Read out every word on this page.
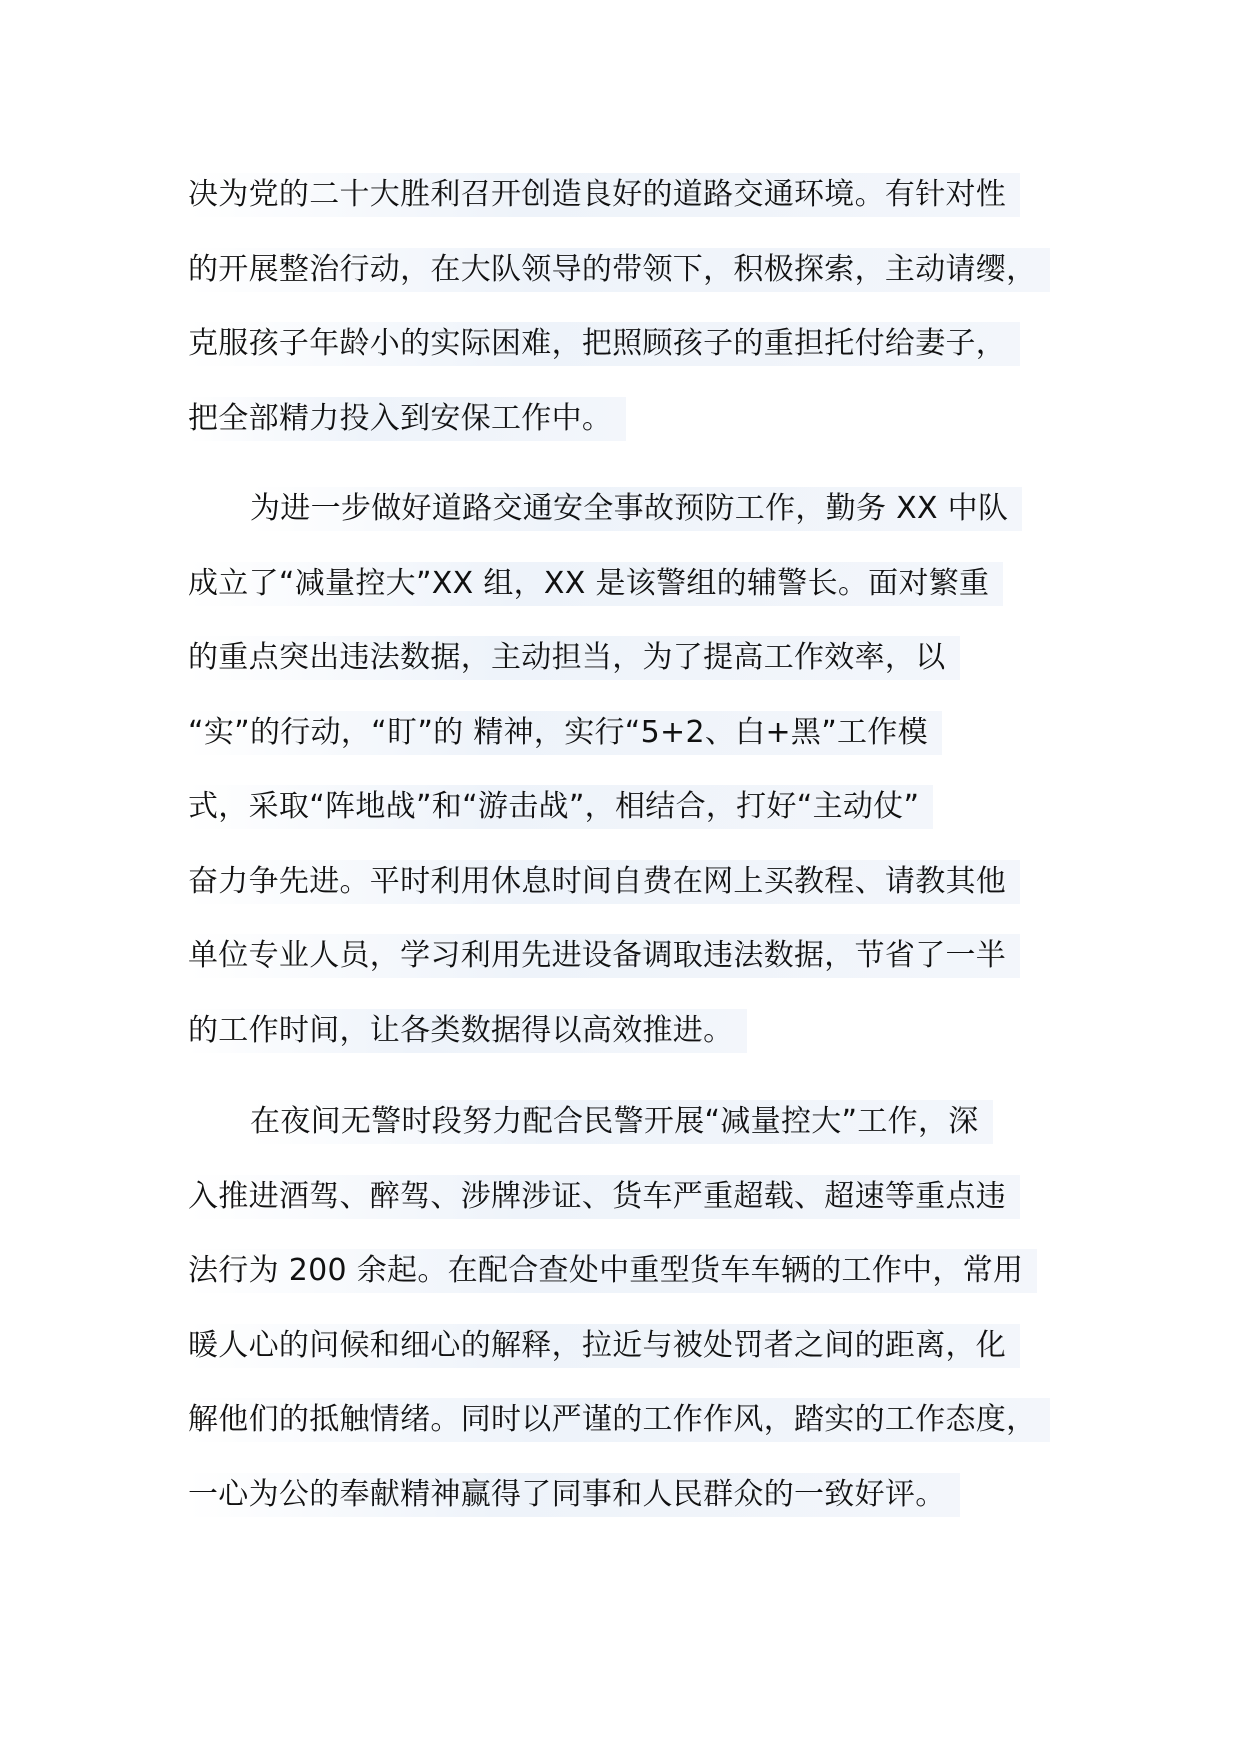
决为党的二十大胜利召开创造良好的道路交通环境。有针对性
的开展整治行动，在大队领导的带领下，积极探索，主动请缨，
克服孩子年龄小的实际困难，把照顾孩子的重担托付给妻子，
把全部精力投入到安保工作中。
为进一步做好道路交通安全事故预防工作，勤务 XX 中队
成立了“减量控大”XX 组，XX 是该警组的辅警长。面对繁重
的重点突出违法数据，主动担当，为了提高工作效率，以
“实”的行动，“盯”的 精神，实行“5+2、白+黑”工作模
式，采取“阵地战”和“游击战”，相结合，打好“主动仗”
奋力争先进。平时利用休息时间自费在网上买教程、请教其他
单位专业人员，学习利用先进设备调取违法数据，节省了一半
的工作时间，让各类数据得以高效推进。
在夜间无警时段努力配合民警开展“减量控大”工作，深
入推进酒驾、醉驾、涉牌涉证、货车严重超载、超速等重点违
法行为 200 余起。在配合查处中重型货车车辆的工作中，常用
暖人心的问候和细心的解释，拉近与被处罚者之间的距离，化
解他们的抵触情绪。同时以严谨的工作作风，踏实的工作态度，
一心为公的奉献精神赢得了同事和人民群众的一致好评。
